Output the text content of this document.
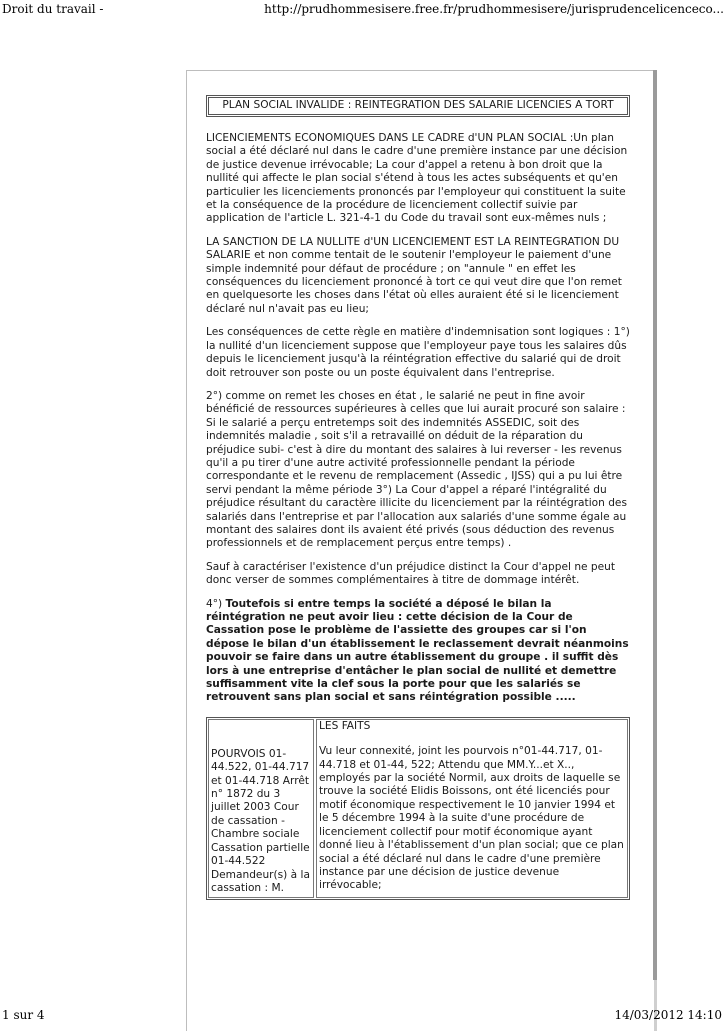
Droit du travail -	http://prudhommesisere.free.fr/prudhommesisere/jurisprudencelicenceco...
PLAN SOCIAL INVALIDE : REINTEGRATION DES SALARIE LICENCIES A TORT

LICENCIEMENTS ECONOMIQUES DANS LE CADRE d'UN PLAN SOCIAL :Un plan social a été déclaré nul dans le cadre d'une première instance par une décision de justice devenue irrévocable; La cour d'appel a retenu à bon droit que la nullité qui affecte le plan social s'étend à tous les actes subséquents et qu'en particulier les licenciements prononcés par l'employeur qui constituent la suite et la conséquence de la procédure de licenciement collectif suivie par application de l'article L. 321-4-1 du Code du travail sont eux-mêmes nuls ;

LA SANCTION DE LA NULLITE d'UN LICENCIEMENT EST LA REINTEGRATION DU SALARIE et non comme tentait de le soutenir l'employeur le paiement d'une simple indemnité pour défaut de procédure ; on "annule " en effet les conséquences du licenciement prononcé à tort ce qui veut dire que l'on remet en quelquesorte les choses dans l'état où elles auraient été si le licenciement déclaré nul n'avait pas eu lieu;

Les conséquences de cette règle en matière d'indemnisation sont logiques : 1°) la nullité d'un licenciement suppose que l'employeur paye tous les salaires dûs depuis le licenciement jusqu'à la réintégration effective du salarié qui de droit doit retrouver son poste ou un poste équivalent dans l'entreprise.

2°) comme on remet les choses en état , le salarié ne peut in fine avoir bénéficié de ressources supérieures à celles que lui aurait procuré son salaire : Si le salarié a perçu entretemps soit des indemnités ASSEDIC, soit des indemnités maladie , soit s'il a retravaillé on déduit de la réparation du préjudice subi- c'est à dire du montant des salaires à lui reverser - les revenus qu'il a pu tirer d'une autre activité professionnelle pendant la période correspondante et le revenu de remplacement (Assedic , IJSS) qui a pu lui être servi pendant la même période 3°) La Cour d'appel a réparé l'intégralité du préjudice résultant du caractère illicite du licenciement par la réintégration des salariés dans l'entreprise et par l'allocation aux salariés d'une somme égale au montant des salaires dont ils avaient été privés (sous déduction des revenus professionnels et de remplacement perçus entre temps) .

Sauf à caractériser l'existence d'un préjudice distinct la Cour d'appel ne peut donc verser de sommes complémentaires à titre de dommage intérêt.

4°) Toutefois si entre temps la société a déposé le bilan la réintégration ne peut avoir lieu : cette décision de la Cour de Cassation pose le problème de l'assiette des groupes car si l'on dépose le bilan d'un établissement le reclassement devrait néanmoins pouvoir se faire dans un autre établissement du groupe . il suffit dès lors à une entreprise d'entâcher le plan social de nullité et demettre suffisamment vite la clef sous la porte pour que les salariés se retrouvent sans plan social et sans réintégration possible .....

POURVOIS 01-44.522, 01-44.717 et 01-44.718 Arrêt n° 1872 du 3 juillet 2003 Cour de cassation - Chambre sociale Cassation partielle 01-44.522 Demandeur(s) à la cassation : M.
LES FAITS
Vu leur connexité, joint les pourvois n°01-44.717, 01-44.718 et 01-44, 522; Attendu que MM.Y...et X.., employés par la société Normil, aux droits de laquelle se trouve la société Elidis Boissons, ont été licenciés pour motif économique respectivement le 10 janvier 1994 et le 5 décembre 1994 à la suite d'une procédure de licenciement collectif pour motif économique ayant donné lieu à l'établissement d'un plan social; que ce plan social a été déclaré nul dans le cadre d'une première instance par une décision de justice devenue irrévocable;
1 sur 4	14/03/2012 14:10
